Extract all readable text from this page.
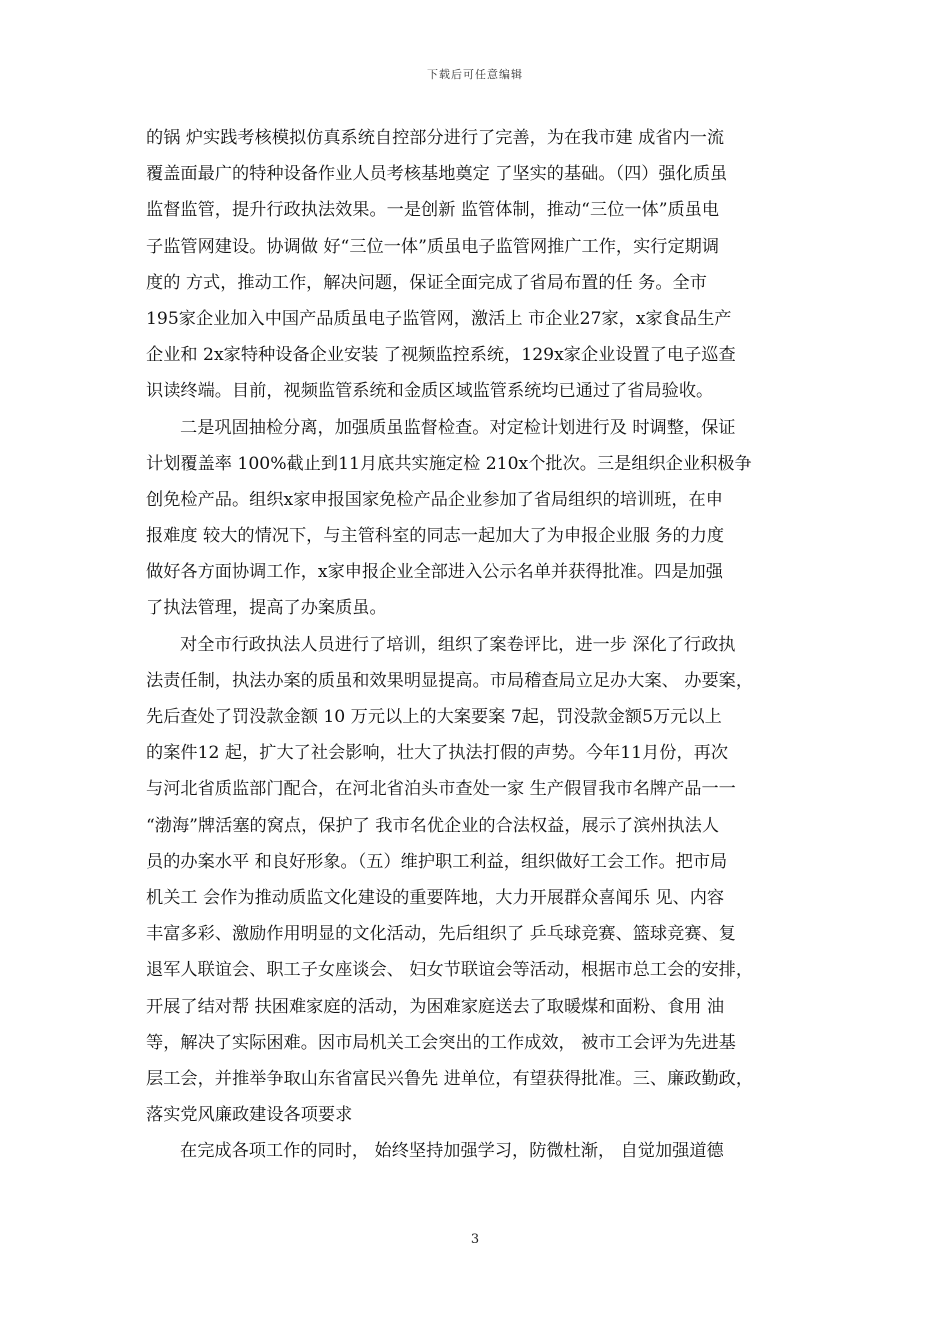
下载后可任意编辑
的锅 炉实践考核模拟仿真系统自控部分进行了完善，为在我市建 成省内一流
覆盖面最广的特种设备作业人员考核基地奠定 了坚实的基础。（四）强化质虽
监督监管，提升行政执法效果。一是创新 监管体制，推动“三位一体”质虽电
子监管网建设。协调做 好“三位一体”质虽电子监管网推广工作，实行定期调
度的 方式，推动工作，解决问题，保证全面完成了省局布置的任 务。全市
195家企业加入中国产品质虽电子监管网，激活上 市企业27家，x家食品生产
企业和 2x家特种设备企业安装 了视频监控系统，129x家企业设置了电子巡查
识读终端。目前，视频监管系统和金质区域监管系统均已通过了省局验收。
二是巩固抽检分离，加强质虽监督检查。对定检计划进行及 时调整，保证
计划覆盖率 100%截止到11月底共实施定检 210x个批次。三是组织企业积极争
创免检产品。组织x家申报国家免检产品企业参加了省局组织的培训班，在申
报难度 较大的情况下，与主管科室的同志一起加大了为申报企业服 务的力度
做好各方面协调工作，x家申报企业全部进入公示名单并获得批准。四是加强
了执法管理，提高了办案质虽。
对全市行政执法人员进行了培训，组织了案卷评比，进一步 深化了行政执
法责任制，执法办案的质虽和效果明显提高。市局稽查局立足办大案、 办要案，
先后查处了罚没款金额 10 万元以上的大案要案 7起，罚没款金额5万元以上
的案件12 起，扩大了社会影响，壮大了执法打假的声势。今年11月份，再次
与河北省质监部门配合，在河北省泊头市查处一家 生产假冒我市名牌产品一一
“渤海”牌活塞的窝点，保护了 我市名优企业的合法权益，展示了滨州执法人
员的办案水平 和良好形象。（五）维护职工利益，组织做好工会工作。把市局
机关工 会作为推动质监文化建设的重要阵地，大力开展群众喜闻乐 见、内容
丰富多彩、激励作用明显的文化活动，先后组织了 乒乓球竞赛、篮球竞赛、复
退军人联谊会、职工子女座谈会、 妇女节联谊会等活动，根据市总工会的安排，
开展了结对帮 扶困难家庭的活动，为困难家庭送去了取暖煤和面粉、食用 油
等，解决了实际困难。因市局机关工会突出的工作成效， 被市工会评为先进基
层工会，并推举争取山东省富民兴鲁先 进单位，有望获得批准。三、廉政勤政，
落实党风廉政建设各项要求
在完成各项工作的同时， 始终坚持加强学习，防微杜渐， 自觉加强道德
3
